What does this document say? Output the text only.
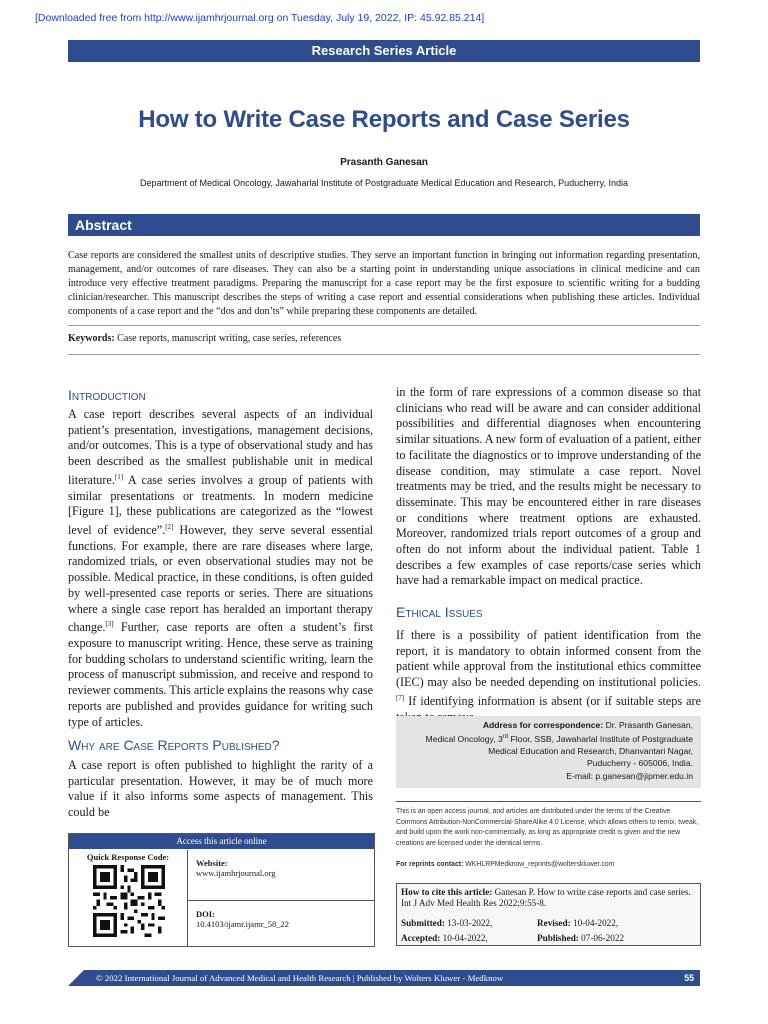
[Downloaded free from http://www.ijamhrjournal.org on Tuesday, July 19, 2022, IP: 45.92.85.214]
Research Series Article
How to Write Case Reports and Case Series
Prasanth Ganesan
Department of Medical Oncology, Jawaharlal Institute of Postgraduate Medical Education and Research, Puducherry, India
Abstract
Case reports are considered the smallest units of descriptive studies. They serve an important function in bringing out information regarding presentation, management, and/or outcomes of rare diseases. They can also be a starting point in understanding unique associations in clinical medicine and can introduce very effective treatment paradigms. Preparing the manuscript for a case report may be the first exposure to scientific writing for a budding clinician/researcher. This manuscript describes the steps of writing a case report and essential considerations when publishing these articles. Individual components of a case report and the “dos and don’ts” while preparing these components are detailed.
Keywords: Case reports, manuscript writing, case series, references
Introduction
A case report describes several aspects of an individual patient’s presentation, investigations, management decisions, and/or outcomes. This is a type of observational study and has been described as the smallest publishable unit in medical literature.[1] A case series involves a group of patients with similar presentations or treatments. In modern medicine [Figure 1], these publications are categorized as the “lowest level of evidence”.[2] However, they serve several essential functions. For example, there are rare diseases where large, randomized trials, or even observational studies may not be possible. Medical practice, in these conditions, is often guided by well-presented case reports or series. There are situations where a single case report has heralded an important therapy change.[3] Further, case reports are often a student’s first exposure to manuscript writing. Hence, these serve as training for budding scholars to understand scientific writing, learn the process of manuscript submission, and receive and respond to reviewer comments. This article explains the reasons why case reports are published and provides guidance for writing such type of articles.
Why are Case Reports Published?
A case report is often published to highlight the rarity of a particular presentation. However, it may be of much more value if it also informs some aspects of management. This could be
in the form of rare expressions of a common disease so that clinicians who read will be aware and can consider additional possibilities and differential diagnoses when encountering similar situations. A new form of evaluation of a patient, either to facilitate the diagnostics or to improve understanding of the disease condition, may stimulate a case report. Novel treatments may be tried, and the results might be necessary to disseminate. This may be encountered either in rare diseases or conditions where treatment options are exhausted. Moreover, randomized trials report outcomes of a group and often do not inform about the individual patient. Table 1 describes a few examples of case reports/case series which have had a remarkable impact on medical practice.
Ethical Issues
If there is a possibility of patient identification from the report, it is mandatory to obtain informed consent from the patient while approval from the institutional ethics committee (IEC) may also be needed depending on institutional policies.[7] If identifying information is absent (or if suitable steps are
Address for correspondence: Dr. Prasanth Ganesan,
Medical Oncology, 3rd Floor, SSB, Jawaharlal Institute of Postgraduate
Medical Education and Research, Dhanvantari Nagar,
Puducherry - 605006, India.
E-mail: p.ganesan@jipmer.edu.in
This is an open access journal, and articles are distributed under the terms of the Creative Commons Attribution-NonCommercial-ShareAlike 4.0 License, which allows others to remix, tweak, and build upon the work non-commercially, as long as appropriate credit is given and the new creations are licensed under the identical terms.
For reprints contact: WKHLRPMedknow_reprints@wolterskluwer.com
How to cite this article: Ganesan P. How to write case reports and case series. Int J Adv Med Health Res 2022;9:55-8.
Submitted: 13-03-2022,	Revised: 10-04-2022,
Accepted: 10-04-2022,	Published: 07-06-2022
Access this article online
Quick Response Code:
Website:
www.ijamhrjournal.org
DOI:
10.4103/ijamr.ijamr_58_22
© 2022 International Journal of Advanced Medical and Health Research | Published by Wolters Kluwer - Medknow	55
